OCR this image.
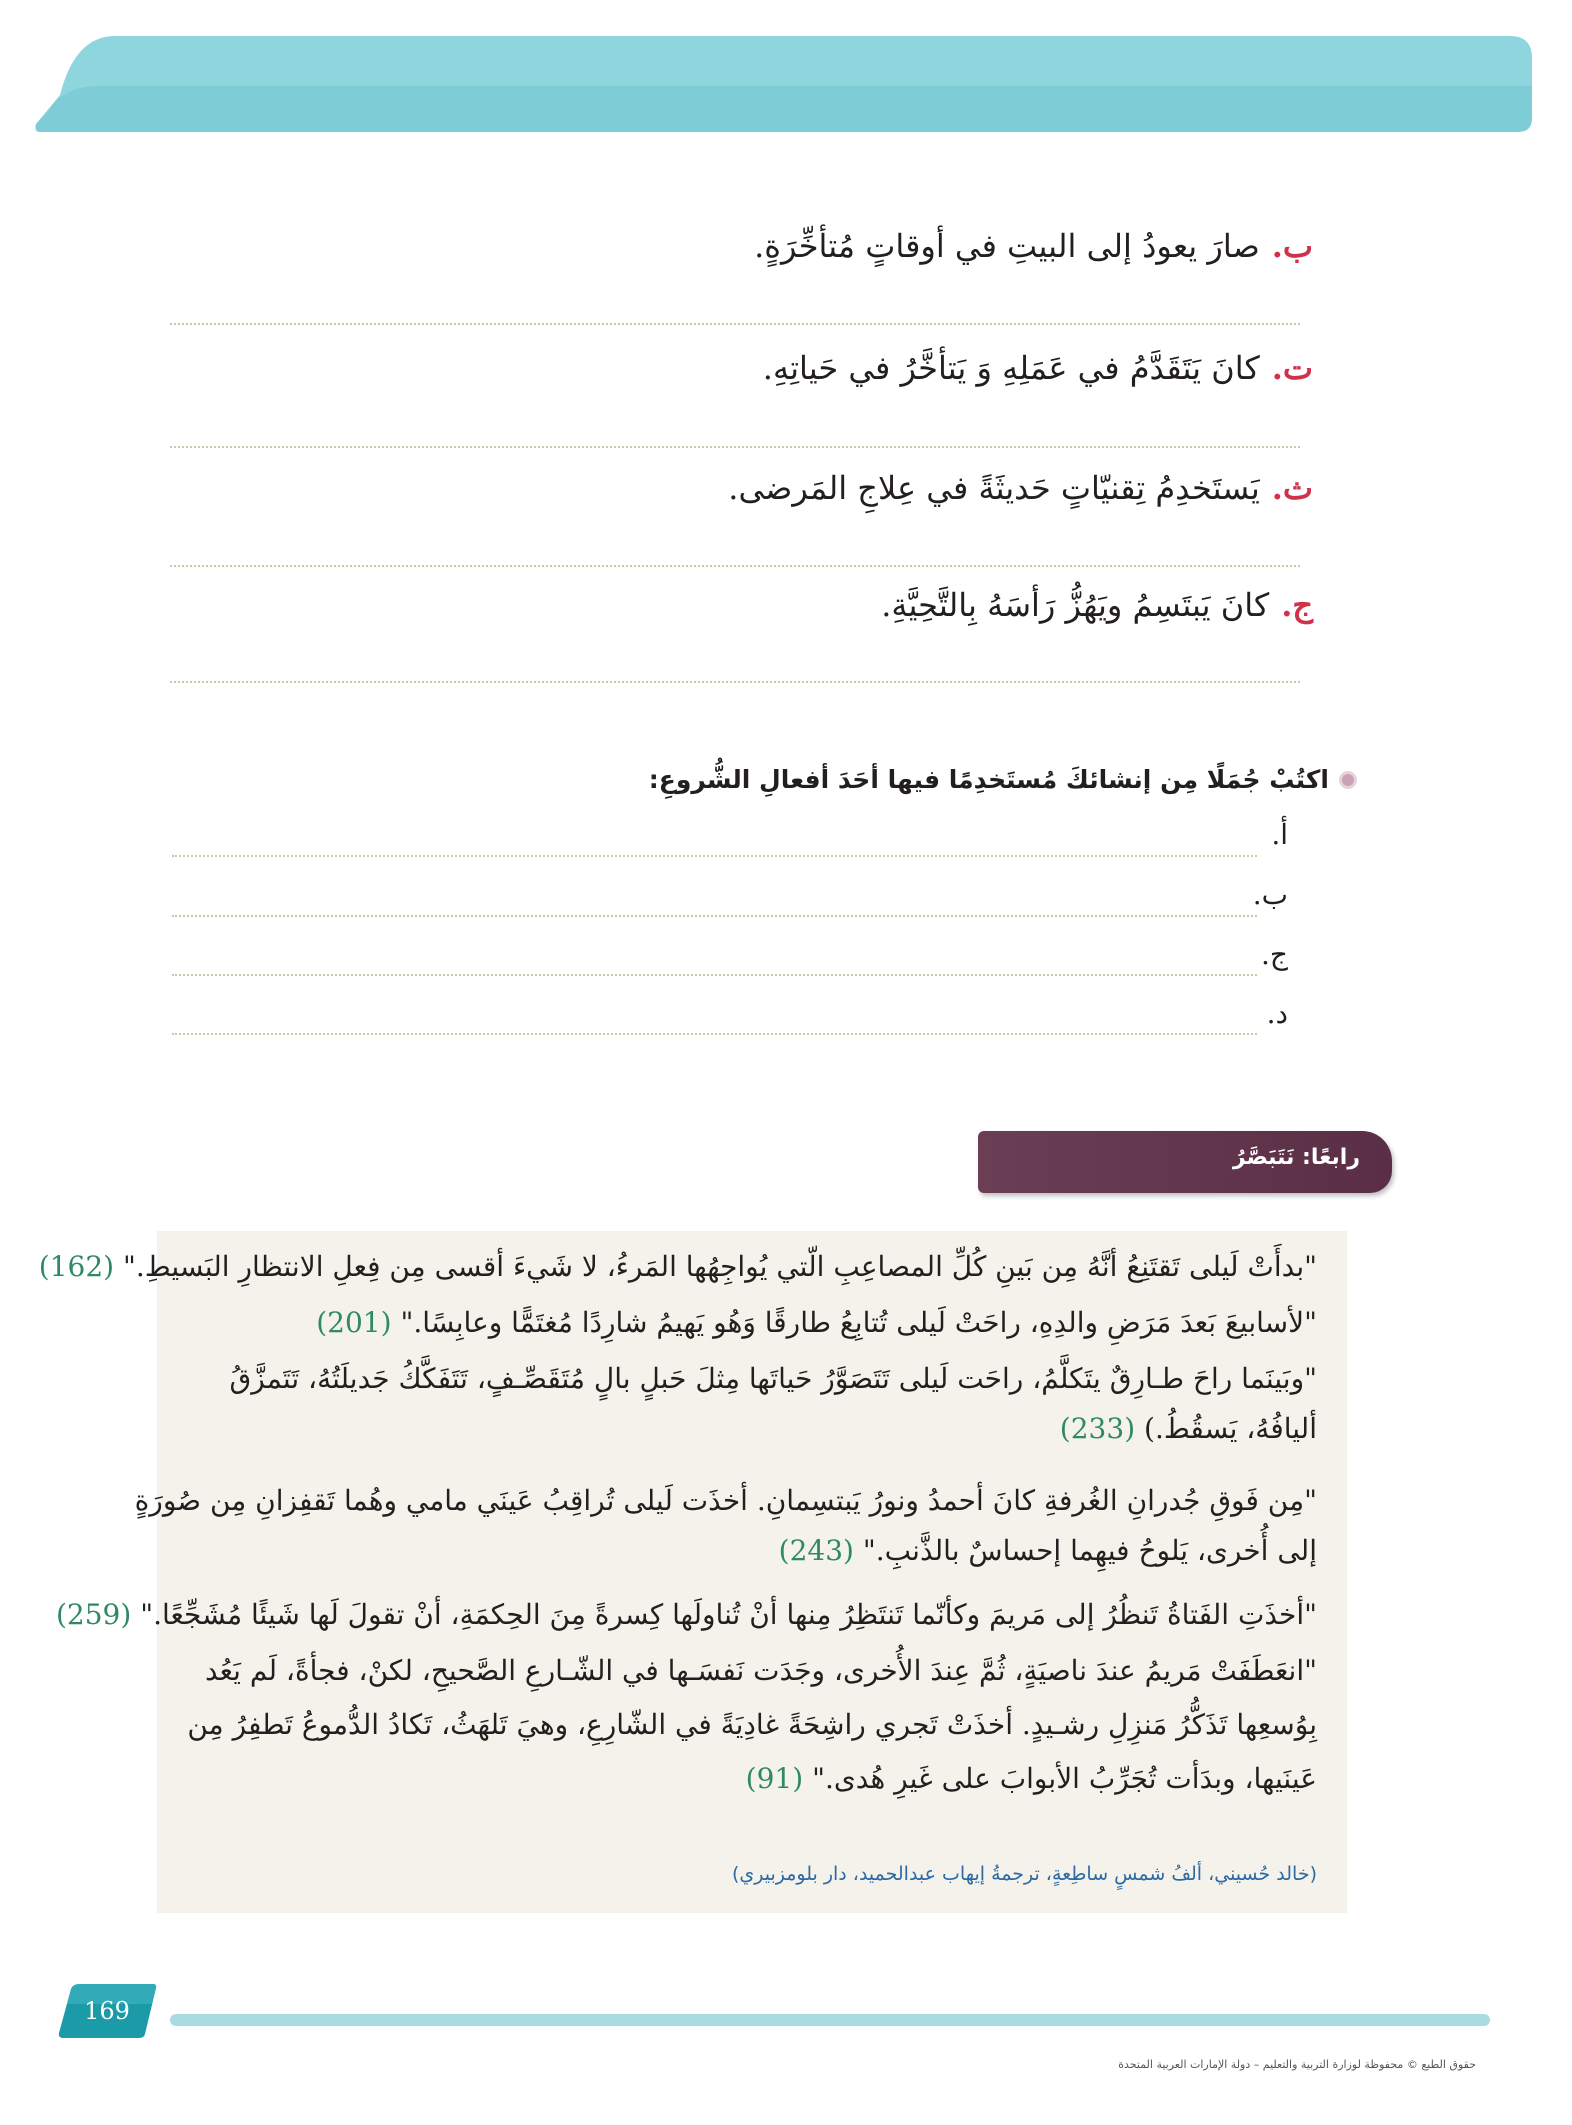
ب.صارَ يعودُ إلى البيتِ في أوقاتٍ مُتأخِّرَةٍ.
ت.كانَ يَتَقَدَّمُ في عَمَلِهِ وَ يَتأخَّرُ في حَياتِهِ.
ث.يَستَخدِمُ تِقنيّاتٍ حَديثَةً في عِلاجِ المَرضى.
ج.كانَ يَبتَسِمُ ويَهُزُّ رَأسَهُ بِالتَّحِيَّةِ.
اكتُبْ جُمَلًا مِن إنشائكَ مُستَخدِمًا فيها أحَدَ أفعالِ الشُّروعِ:
أ.
ب.
ج.
د.
رابعًا: نَتَبَصَّرُ
"بدأَتْ لَيلى تَقتَنِعُ أنَّهُ مِن بَينِ كُلِّ المصاعِبِ الّتي يُواجِهُها المَرءُ، لا شَيءَ أقسى مِن فِعلِ الانتظارِ البَسيطِ." (162)
"لأسابيعَ بَعدَ مَرَضِ والدِهِ، راحَتْ لَيلى تُتابِعُ طارقًا وَهُو يَهيمُ شارِدًا مُغتَمًّا وعابِسًا." (201)
"وبَينَما راحَ طـارِقٌ يتَكلَّمُ، راحَت لَيلى تَتَصَوَّرُ حَياتَها مِثلَ حَبلٍ بالٍ مُتَقَصِّـفٍ، تَتَفَكَّكُ جَديلَتُهُ، تَتَمزَّقُ
أليافُهُ، يَسقُطُ.) (233)
"مِن فَوقِ جُدرانِ الغُرفةِ كانَ أحمدُ ونورُ يَبتسِمانِ. أخذَت لَيلى تُراقِبُ عَينَي مامي وهُما تَقفِزانِ مِن صُورَةٍ
إلى أُخرى، يَلوحُ فيهِما إحساسٌ بالذَّنبِ." (243)
"أخذَتِ الفَتاةُ تَنظُرُ إلى مَريمَ وكأنّما تَنتَظِرُ مِنها أنْ تُناولَها كِسرةً مِنَ الحِكمَةِ، أنْ تقولَ لَها شَيئًا مُشَجِّعًا." (259)
"انعَطَفَتْ مَريمُ عندَ ناصيَةٍ، ثُمَّ عِندَ الأُخرى، وجَدَت نَفسَـها في الشّـارعِ الصَّحيحِ، لكنْ، فجأةً، لَم يَعُد
بِوُسعِها تَذَكُّرُ مَنزِلِ رشـيدٍ. أخذَتْ تَجري راشِحَةً غادِيَةً في الشّارِعِ، وهيَ تَلهَثُ، تَكادُ الدُّموعُ تَطفِرُ مِن
عَينَيها، وبدَأت تُجَرِّبُ الأبوابَ على غَيرِ هُدى." (91)
(خالد حُسيني، ألفُ شمسٍ ساطِعةٍ، ترجمةُ إيهاب عبدالحميد، دار بلومزبيري)
169
حقوق الطبع © محفوظة لوزارة التربية والتعليم – دولة الإمارات العربية المتحدة
